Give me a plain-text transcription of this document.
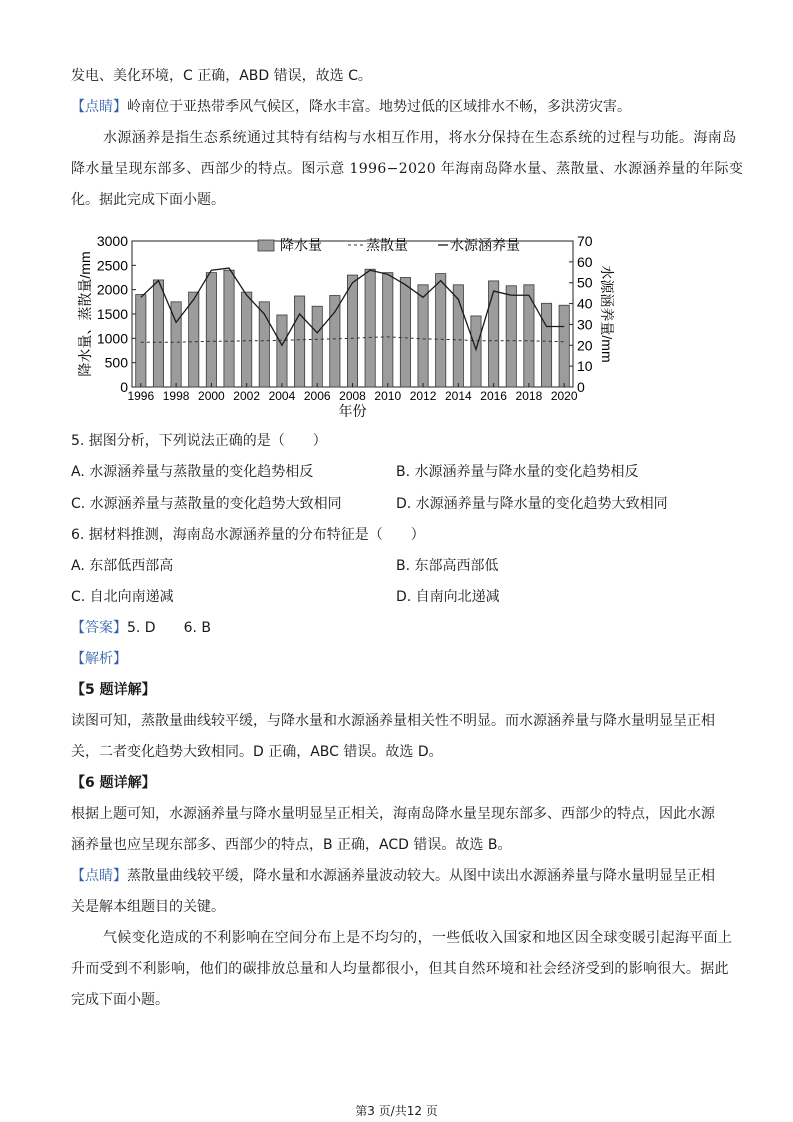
发电、美化环境，C 正确，ABD 错误，故选 C。
【点睛】岭南位于亚热带季风气候区，降水丰富。地势过低的区域排水不畅，多洪涝灾害。
水源涵养是指生态系统通过其特有结构与水相互作用，将水分保持在生态系统的过程与功能。海南岛
降水量呈现东部多、西部少的特点。图示意 1996−2020 年海南岛降水量、蒸散量、水源涵养量的年际变
化。据此完成下面小题。
0
500
1000
1500
2000
2500
3000
0
10
20
30
40
50
60
70
1996 1998 2000 2002 2004 2006 2008 2010 2012 2014 2016 2018 2020
年份
降水量、蒸散量/mm	水源涵养量/mm
降水量	蒸散量	水源涵养量
5. 据图分析，下列说法正确的是（　　）
A. 水源涵养量与蒸散量的变化趋势相反	B. 水源涵养量与降水量的变化趋势相反
C. 水源涵养量与蒸散量的变化趋势大致相同	D. 水源涵养量与降水量的变化趋势大致相同
6. 据材料推测，海南岛水源涵养量的分布特征是（　　）
A. 东部低西部高	B. 东部高西部低
C. 自北向南递减	D. 自南向北递减
【答案】5. D　　6. B
【解析】
【5 题详解】
读图可知，蒸散量曲线较平缓，与降水量和水源涵养量相关性不明显。而水源涵养量与降水量明显呈正相
关，二者变化趋势大致相同。D 正确，ABC 错误。故选 D。
【6 题详解】
根据上题可知，水源涵养量与降水量明显呈正相关，海南岛降水量呈现东部多、西部少的特点，因此水源
涵养量也应呈现东部多、西部少的特点，B 正确，ACD 错误。故选 B。
【点睛】蒸散量曲线较平缓，降水量和水源涵养量波动较大。从图中读出水源涵养量与降水量明显呈正相
关是解本组题目的关键。
气候变化造成的不利影响在空间分布上是不均匀的，一些低收入国家和地区因全球变暖引起海平面上
升而受到不利影响，他们的碳排放总量和人均量都很小，但其自然环境和社会经济受到的影响很大。据此
完成下面小题。
第3 页/共12 页
